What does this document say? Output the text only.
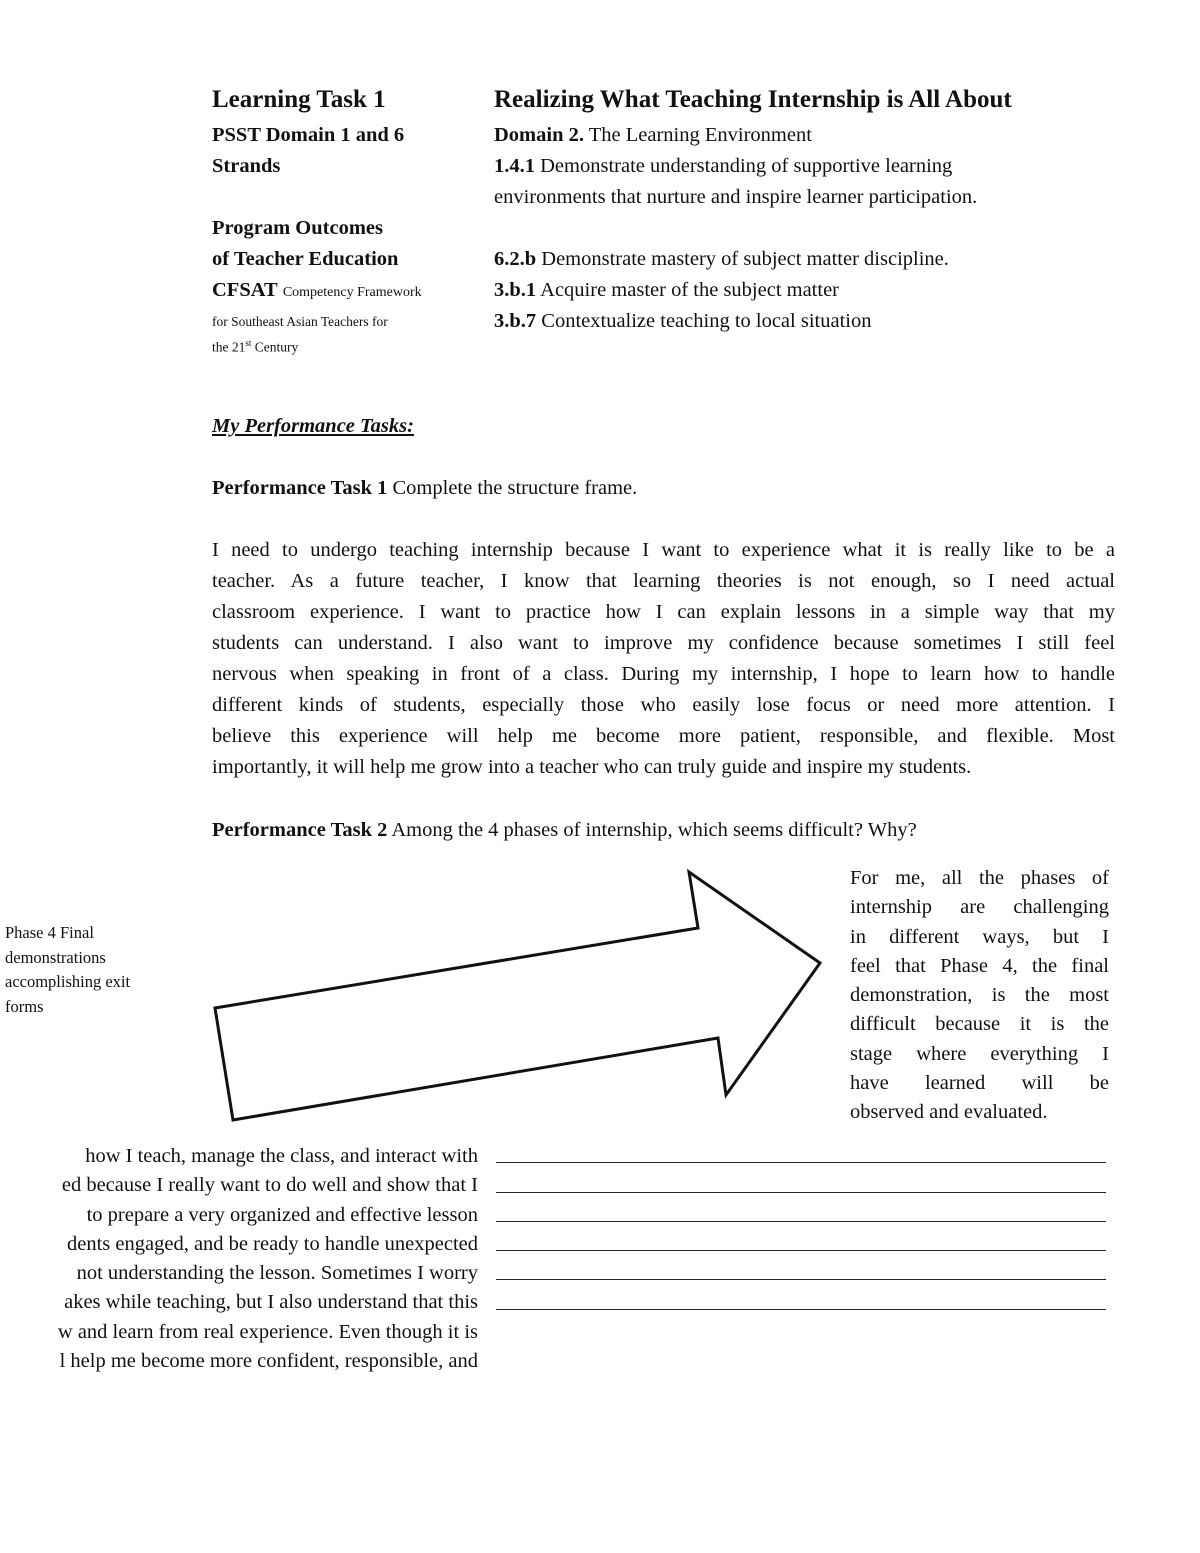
Learning Task 1	Realizing What Teaching Internship is All About
PSST Domain 1 and 6
Strands
Program Outcomes
of Teacher Education
CFSAT Competency Framework
for Southeast Asian Teachers for
the 21st Century
Domain 2. The Learning Environment
1.4.1 Demonstrate understanding of supportive learning
environments that nurture and inspire learner participation.
6.2.b Demonstrate mastery of subject matter discipline.
3.b.1 Acquire master of the subject matter
3.b.7 Contextualize teaching to local situation
My Performance Tasks:
Performance Task 1 Complete the structure frame.
I need to undergo teaching internship because I want to experience what it is really like to be a
teacher. As a future teacher, I know that learning theories is not enough, so I need actual
classroom experience. I want to practice how I can explain lessons in a simple way that my
students can understand. I also want to improve my confidence because sometimes I still feel
nervous when speaking in front of a class. During my internship, I hope to learn how to handle
different kinds of students, especially those who easily lose focus or need more attention. I
believe this experience will help me become more patient, responsible, and flexible. Most
importantly, it will help me grow into a teacher who can truly guide and inspire my students.
Performance Task 2 Among the 4 phases of internship, which seems difficult? Why?
Phase 4 Final
demonstrations
accomplishing exit
forms
For me, all the phases of
internship are challenging
in different ways, but I
feel that Phase 4, the final
demonstration, is the most
difficult because it is the
stage where everything I
have learned will be
observed and evaluated.
how I teach, manage the class, and interact with
ed because I really want to do well and show that I
to prepare a very organized and effective lesson
dents engaged, and be ready to handle unexpected
not understanding the lesson. Sometimes I worry
akes while teaching, but I also understand that this
w and learn from real experience. Even though it is
l help me become more confident, responsible, and
